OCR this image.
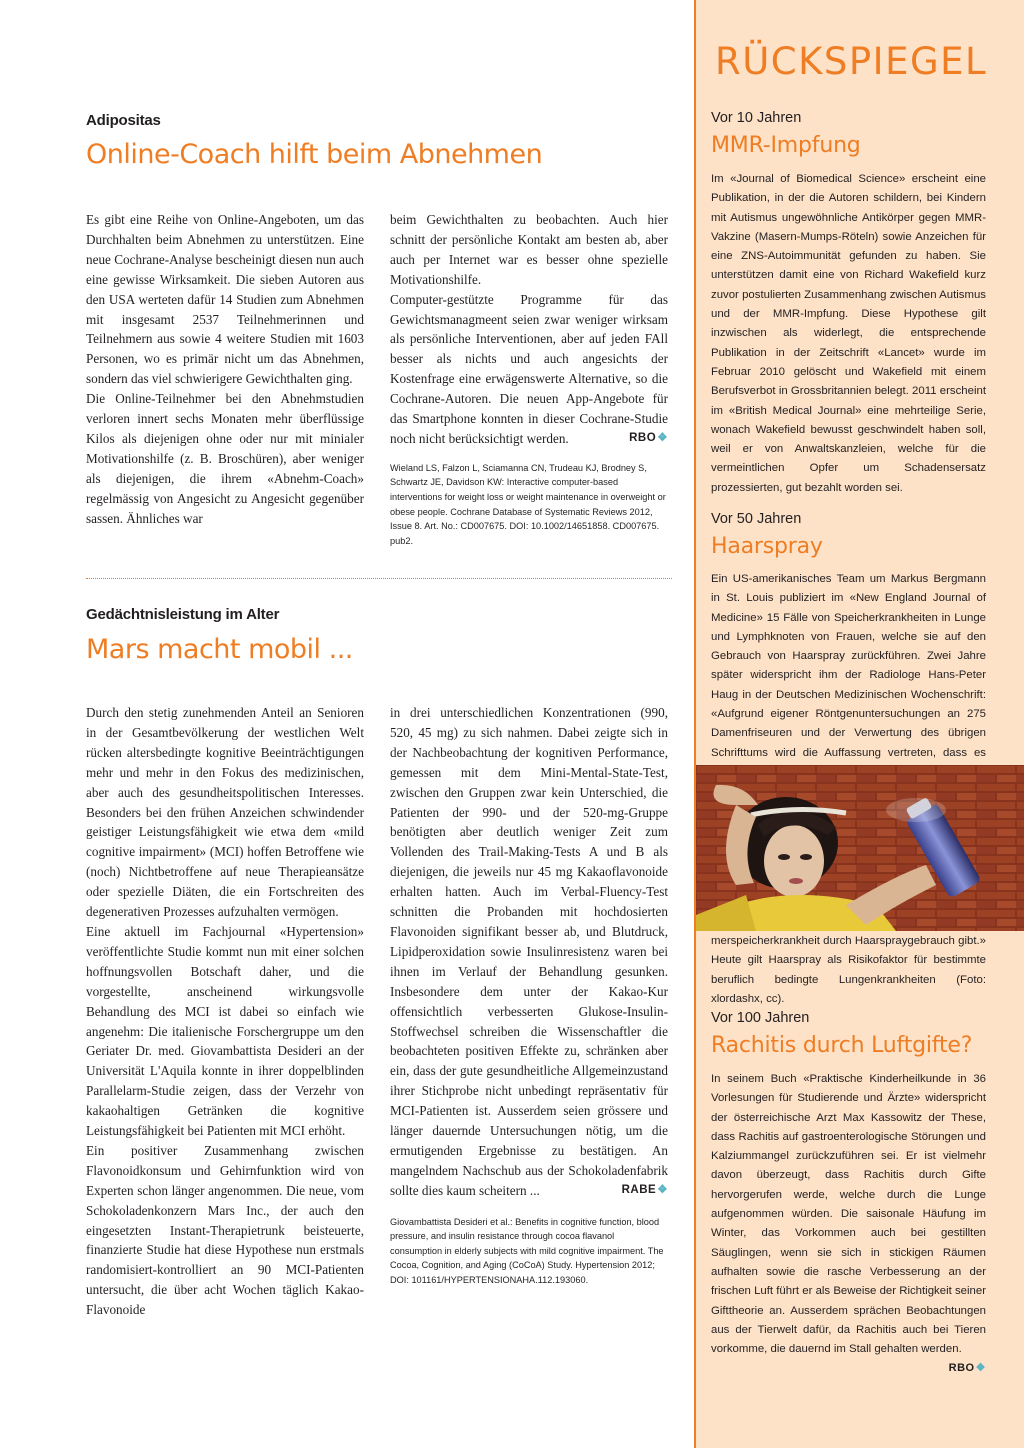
Adipositas
Online-Coach hilft beim Abnehmen

Es gibt eine Reihe von Online-Angeboten, um das Durchhalten beim Abnehmen zu unterstützen. Eine neue Cochrane-Analyse bescheinigt diesen nun auch eine gewisse Wirksamkeit. Die sieben Autoren aus den USA werteten dafür 14 Studien zum Abnehmen mit insgesamt 2537 Teilnehmerinnen und Teilnehmern aus sowie 4 weitere Studien mit 1603 Personen, wo es primär nicht um das Abnehmen, sondern das viel schwierigere Gewichthalten ging.

Die Online-Teilnehmer bei den Abnehmstudien verloren innert sechs Monaten mehr überflüssige Kilos als diejenigen ohne oder nur mit minialer Motivationshilfe (z. B. Broschüren), aber weniger als diejenigen, die ihrem «Abnehm-Coach» regelmässig von Angesicht zu Angesicht gegenüber sassen. Ähnliches war

beim Gewichthalten zu beobachten. Auch hier schnitt der persönliche Kontakt am besten ab, aber auch per Internet war es besser ohne spezielle Motivationshilfe.

Computer-gestützte Programme für das Gewichtsmanagmeent seien zwar weniger wirksam als persönliche Interventionen, aber auf jeden FAll besser als nichts und auch angesichts der Kostenfrage eine erwägenswerte Alternative, so die Cochrane-Autoren. Die neuen App-Angebote für das Smartphone konnten in dieser Cochrane-Studie noch nicht berücksichtigt werden.	RBO❖

Wieland LS, Falzon L, Sciamanna CN, Trudeau KJ, Brodney S, Schwartz JE, Davidson KW: Interactive computer-based interventions for weight loss or weight maintenance in overweight or obese people. Cochrane Database of Systematic Reviews 2012, Issue 8. Art. No.: CD007675. DOI: 10.1002/14651858. CD007675. pub2.
Gedächtnisleistung im Alter
Mars macht mobil ...

Durch den stetig zunehmenden Anteil an Senioren in der Gesamtbevölkerung der westlichen Welt rücken altersbedingte kognitive Beeinträchtigungen mehr und mehr in den Fokus des medizinischen, aber auch des gesundheitspolitischen Interesses. Besonders bei den frühen Anzeichen schwindender geistiger Leistungsfähigkeit wie etwa dem «mild cognitive impairment» (MCI) hoffen Betroffene wie (noch) Nichtbetroffene auf neue Therapieansätze oder spezielle Diäten, die ein Fortschreiten des degenerativen Prozesses aufzuhalten vermögen.

Eine aktuell im Fachjournal «Hypertension» veröffentlichte Studie kommt nun mit einer solchen hoffnungsvollen Botschaft daher, und die vorgestellte, anscheinend wirkungsvolle Behandlung des MCI ist dabei so einfach wie angenehm: Die italienische Forschergruppe um den Geriater Dr. med. Giovambattista Desideri an der Universität L'Aquila konnte in ihrer doppelblinden Parallelarm-Studie zeigen, dass der Verzehr von kakaohaltigen Getränken die kognitive Leistungsfähigkeit bei Patienten mit MCI erhöht.

Ein positiver Zusammenhang zwischen Flavonoidkonsum und Gehirnfunktion wird von Experten schon länger angenommen. Die neue, vom Schokoladenkonzern Mars Inc., der auch den eingesetzten Instant-Therapietrunk beisteuerte, finanzierte Studie hat diese Hypothese nun erstmals randomisiert-kontrolliert an 90 MCI-Patienten untersucht, die über acht Wochen täglich Kakao-Flavonoide

in drei unterschiedlichen Konzentrationen (990, 520, 45 mg) zu sich nahmen. Dabei zeigte sich in der Nachbeobachtung der kognitiven Performance, gemessen mit dem Mini-Mental-State-Test, zwischen den Gruppen zwar kein Unterschied, die Patienten der 990- und der 520-mg-Gruppe benötigten aber deutlich weniger Zeit zum Vollenden des Trail-Making-Tests A und B als diejenigen, die jeweils nur 45 mg Kakaoflavonoide erhalten hatten. Auch im Verbal-Fluency-Test schnitten die Probanden mit hochdosierten Flavonoiden signifikant besser ab, und Blutdruck, Lipidperoxidation sowie Insulinresistenz waren bei ihnen im Verlauf der Behandlung gesunken. Insbesondere dem unter der Kakao-Kur offensichtlich verbesserten Glukose-Insulin-Stoffwechsel schreiben die Wissenschaftler die beobachteten positiven Effekte zu, schränken aber ein, dass der gute gesundheitliche Allgemeinzustand ihrer Stichprobe nicht unbedingt repräsentativ für MCI-Patienten ist. Ausserdem seien grössere und länger dauernde Untersuchungen nötig, um die ermutigenden Ergebnisse zu bestätigen. An mangelndem Nachschub aus der Schokoladenfabrik sollte dies kaum scheitern ...	RABE❖

Giovambattista Desideri et al.: Benefits in cognitive function, blood pressure, and insulin resistance through cocoa flavanol consumption in elderly subjects with mild cognitive impairment. The Cocoa, Cognition, and Aging (CoCoA) Study. Hypertension 2012; DOI: 101161/HYPERTENSIONAHA.112.193060.
RÜCKSPIEGEL
Vor 10 Jahren
MMR-Impfung

Im «Journal of Biomedical Science» erscheint eine Publikation, in der die Autoren schildern, bei Kindern mit Autismus ungewöhnliche Antikörper gegen MMR-Vakzine (Masern-Mumps-Röteln) sowie Anzeichen für eine ZNS-Autoimmunität gefunden zu haben. Sie unterstützen damit eine von Richard Wakefield kurz zuvor postulierten Zusammenhang zwischen Autismus und der MMR-Impfung. Diese Hypothese gilt inzwischen als widerlegt, die entsprechende Publikation in der Zeitschrift «Lancet» wurde im Februar 2010 gelöscht und Wakefield mit einem Berufsverbot in Grossbritannien belegt. 2011 erscheint im «British Medical Journal» eine mehrteilige Serie, wonach Wakefield bewusst geschwindelt haben soll, weil er von Anwaltskanzleien, welche für die vermeintlichen Opfer um Schadensersatz prozessierten, gut bezahlt worden sei.

Vor 50 Jahren
Haarspray

Ein US-amerikanisches Team um Markus Bergmann in St. Louis publiziert im «New England Journal of Medicine» 15 Fälle von Speicherkrankheiten in Lunge und Lymphknoten von Frauen, welche sie auf den Gebrauch von Haarspray zurückführen. Zwei Jahre später widerspricht ihm der Radiologe Hans-Peter Haug in der Deutschen Medizinischen Wochenschrift: «Aufgrund eigener Röntgenuntersuchungen an 275 Damenfriseuren und der Verwertung des übrigen Schrifttums wird die Auffassung vertreten, dass es

merspeicherkrankheit durch Haarspraygebrauch gibt.» Heute gilt Haarspray als Risikofaktor für bestimmte beruflich bedingte Lungenkrankheiten (Foto: xlordashx, cc).

Vor 100 Jahren
Rachitis durch Luftgifte?

In seinem Buch «Praktische Kinderheilkunde in 36 Vorlesungen für Studierende und Ärzte» widerspricht der österreichische Arzt Max Kassowitz der These, dass Rachitis auf gastroenterologische Störungen und Kalziummangel zurückzuführen sei. Er ist vielmehr davon überzeugt, dass Rachitis durch Gifte hervorgerufen werde, welche durch die Lunge aufgenommen würden. Die saisonale Häufung im Winter, das Vorkommen auch bei gestillten Säuglingen, wenn sie sich in stickigen Räumen aufhalten sowie die rasche Verbesserung an der frischen Luft führt er als Beweise der Richtigkeit seiner Gifttheorie an. Ausserdem sprächen Beobachtungen aus der Tierwelt dafür, da Rachitis auch bei Tieren vorkomme, die dauernd im Stall gehalten werden.
RBO❖
